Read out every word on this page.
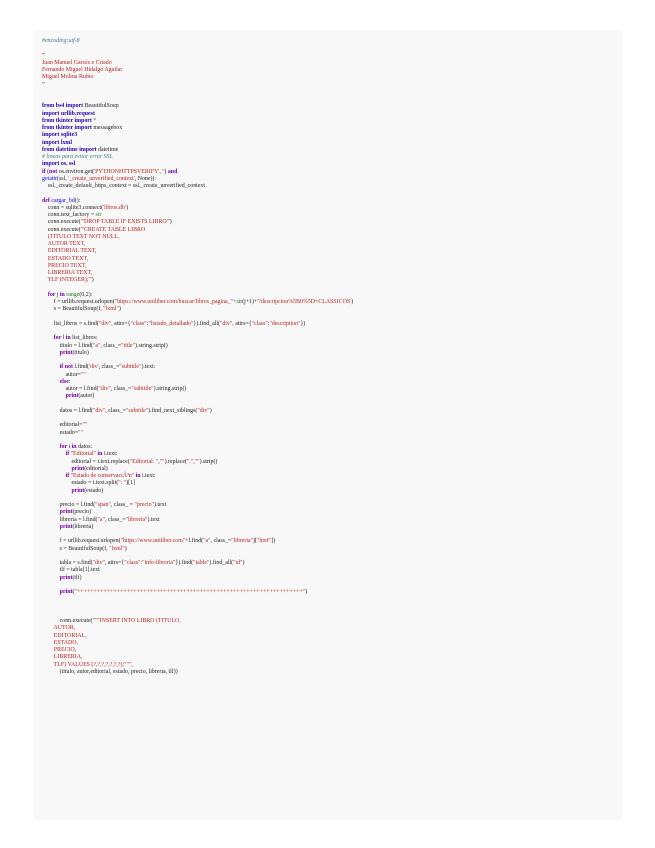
#encoding:utf-8
'''
Juan Manuel Garcés e Criado
Fernando Miguel Hidalgo Aguilar
Miguel Molina Rubio
'''
from bs4 import BeautifulSoup
import urllib.request
from tkinter import *
from tkinter import messagebox
import sqlite3
import lxml
from datetime import datetime
# lineas para evitar error SSL
import os, ssl
if (not os.environ.get('PYTHONHTTPSVERIFY', '') and
getattr(ssl, '_create_unverified_context', None)):
ssl._create_default_https_context = ssl._create_unverified_context
def cargar_bd():
conn = sqlite3.connect('libros.db')
conn.text_factory = str
conn.execute('''DROP TABLE IF EXISTS LIBRO''')
conn.execute('''CREATE TABLE LIBRO
(TITULO TEXT NOT NULL,
AUTOR TEXT,
EDITORIAL TEXT,
ESTADO TEXT,
PRECIO TEXT,
LIBRERIA TEXT,
TLF INTEGER);''')
for j in range(0,2):
f = urllib.request.urlopen("https://www.uniliber.com/buscar/libros_pagina_"+str(j+1)+'?descripcion%5B0%5D=CLASSICOS')
s = BeautifulSoup(f, "lxml")
list_libros = s.find("div", attrs={"class":"listado_detallado"}).find_all("div", attrs={"class":"description"})
for l in list_libros:
titulo = l.find("a", class_="title").string.strip()
print(titulo)
if not l.find('div', class_="subtitle").text:
autor=""
else:
autor = l.find("div", class_="subtitle").string.strip()
print(autor)
datos = l.find("div", class_="subtitle").find_next_siblings("div")
editorial=""
estado=""
for i in datos:
if "Editorial" in i.text:
editorial = i.text.replace("Editorial: ","").replace(".","").strip()
print(editorial)
if "Estado de conservaciÃ³n" in i.text:
estado = i.text.split(": ")[1]
print(estado)
precio = l.find("span", class_ = "precio").text
print(precio)
libreria = l.find("a", class_="libreria").text
print(libreria)
f = urllib.request.urlopen("https://www.uniliber.com"+l.find("a", class_="libreria")["href"])
s = BeautifulSoup(f, "lxml")
tabla = s.find("div", attrs={"class":"info-libreria"}).find("table").find_all("td")
tlf = tabla[1].text
print(tlf)
print("++++++++++++++++++++++++++++++++++++++++++++++++++++++++++++++++++++")
conn.execute("""INSERT INTO LIBRO (TITULO,
AUTOR,
EDITORIAL,
ESTADO,
PRECIO,
LIBRERIA,
TLF) VALUES (?,?,?,?,?,?,?);""",
(titulo, autor,editorial, estado, precio, libreria, tlf))
